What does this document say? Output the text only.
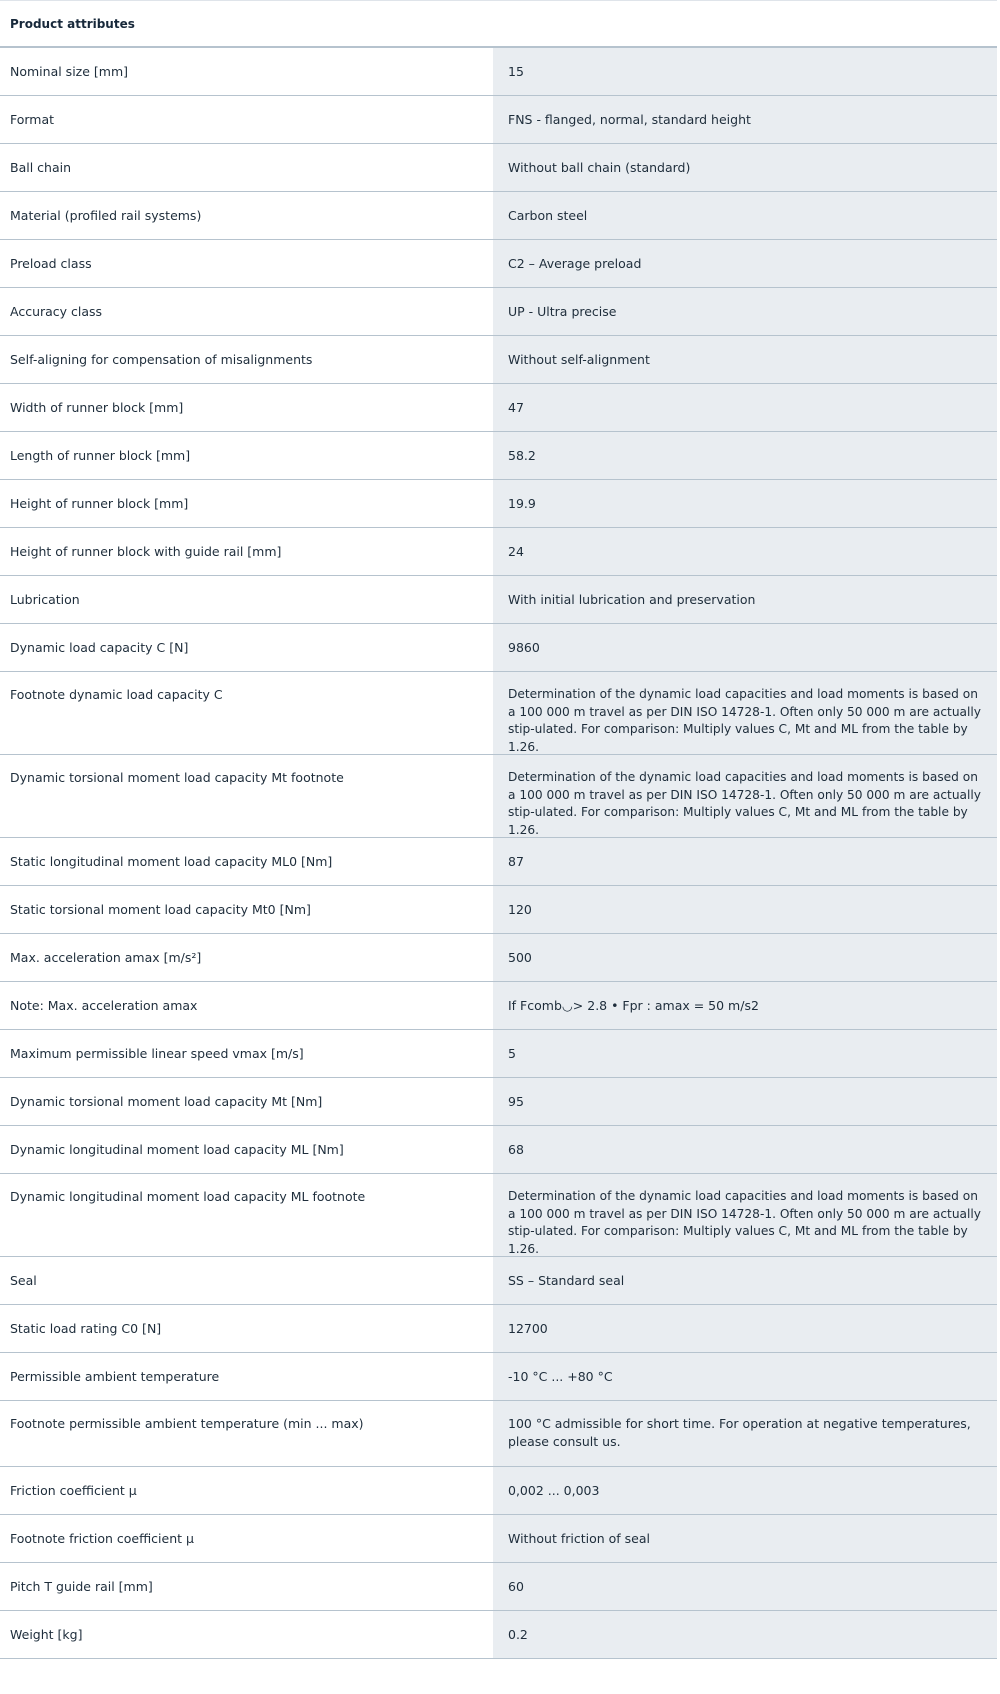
Product attributes
Nominal size [mm]	15
Format	FNS - flanged, normal, standard height
Ball chain	Without ball chain (standard)
Material (profiled rail systems)	Carbon steel
Preload class	C2 – Average preload
Accuracy class	UP - Ultra precise
Self-aligning for compensation of misalignments	Without self-alignment
Width of runner block [mm]	47
Length of runner block [mm]	58.2
Height of runner block [mm]	19.9
Height of runner block with guide rail [mm]	24
Lubrication	With initial lubrication and preservation
Dynamic load capacity C [N]	9860
Footnote dynamic load capacity C	Determination of the dynamic load capacities and load moments is based on a 100 000 m travel as per DIN ISO 14728-1. Often only 50 000 m are actually stip-ulated. For comparison: Multiply values C, Mt and ML from the table by 1.26.
Dynamic torsional moment load capacity Mt footnote	Determination of the dynamic load capacities and load moments is based on a 100 000 m travel as per DIN ISO 14728-1. Often only 50 000 m are actually stip-ulated. For comparison: Multiply values C, Mt and ML from the table by 1.26.
Static longitudinal moment load capacity ML0 [Nm]	87
Static torsional moment load capacity Mt0 [Nm]	120
Max. acceleration amax [m/s²]	500
Note: Max. acceleration amax	If Fcomb◡> 2.8 • Fpr : amax = 50 m/s2
Maximum permissible linear speed vmax [m/s]	5
Dynamic torsional moment load capacity Mt [Nm]	95
Dynamic longitudinal moment load capacity ML [Nm]	68
Dynamic longitudinal moment load capacity ML footnote	Determination of the dynamic load capacities and load moments is based on a 100 000 m travel as per DIN ISO 14728-1. Often only 50 000 m are actually stip-ulated. For comparison: Multiply values C, Mt and ML from the table by 1.26.
Seal	SS – Standard seal
Static load rating C0 [N]	12700
Permissible ambient temperature	-10 °C ... +80 °C
Footnote permissible ambient temperature (min ... max)	100 °C admissible for short time. For operation at negative temperatures, please consult us.
Friction coefficient μ	0,002 ... 0,003
Footnote friction coefficient μ	Without friction of seal
Pitch T guide rail [mm]	60
Weight [kg]	0.2
